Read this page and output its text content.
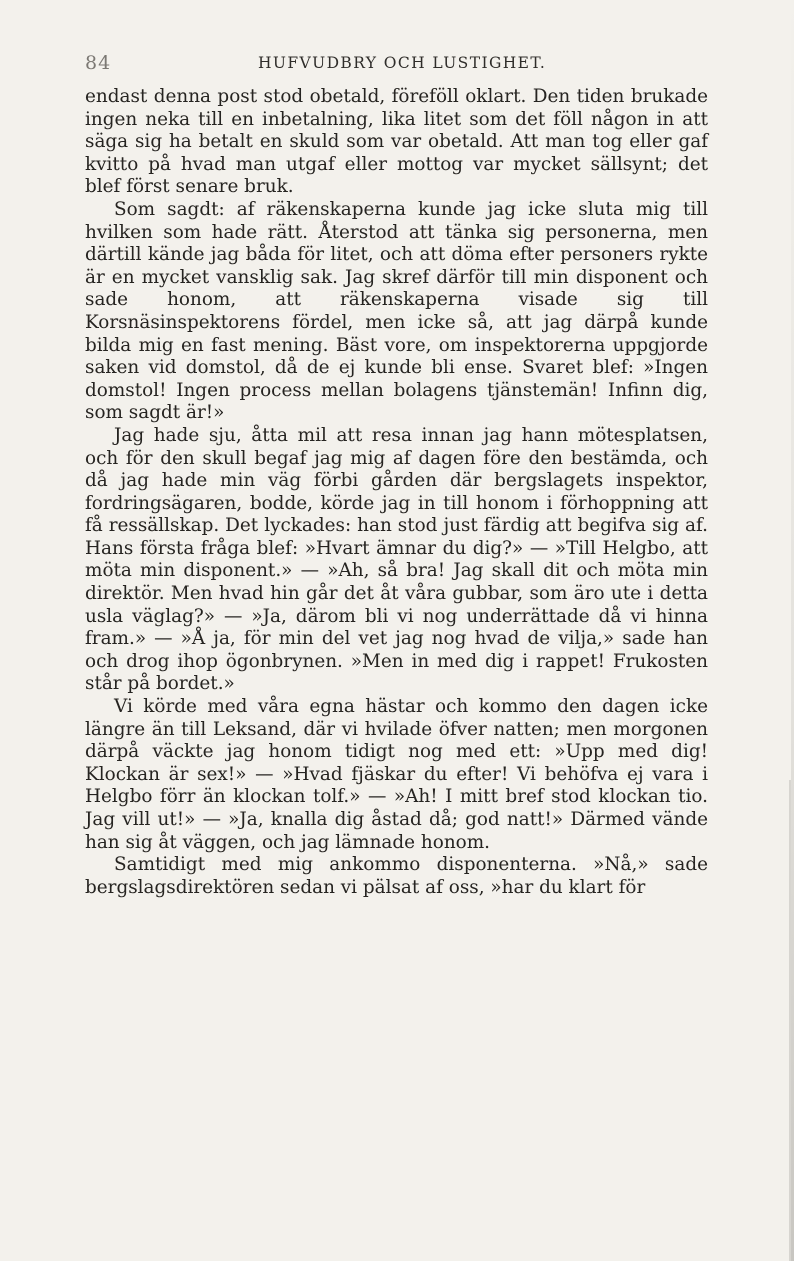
84	HUFVUDBRY OCH LUSTIGHET.

endast denna post stod obetald, föreföll oklart. Den tiden brukade ingen neka till en inbetalning, lika litet som det föll någon in att säga sig ha betalt en skuld som var obetald. Att man tog eller gaf kvitto på hvad man utgaf eller mottog var mycket sällsynt; det blef först senare bruk.

Som sagdt: af räkenskaperna kunde jag icke sluta mig till hvilken som hade rätt. Återstod att tänka sig personerna, men därtill kände jag båda för litet, och att döma efter personers rykte är en mycket vansklig sak. Jag skref därför till min disponent och sade honom, att räkenskaperna visade sig till Korsnäsinspektorens fördel, men icke så, att jag därpå kunde bilda mig en fast mening. Bäst vore, om inspektorerna uppgjorde saken vid domstol, då de ej kunde bli ense. Svaret blef: »Ingen domstol! Ingen process mellan bolagens tjänstemän! Infinn dig, som sagdt är!»

Jag hade sju, åtta mil att resa innan jag hann mötesplatsen, och för den skull begaf jag mig af dagen före den bestämda, och då jag hade min väg förbi gården där bergslagets inspektor, fordringsägaren, bodde, körde jag in till honom i förhoppning att få ressällskap. Det lyckades: han stod just färdig att begifva sig af. Hans första fråga blef: »Hvart ämnar du dig?» — »Till Helgbo, att möta min disponent.» — »Ah, så bra! Jag skall dit och möta min direktör. Men hvad hin går det åt våra gubbar, som äro ute i detta usla väglag?» — »Ja, därom bli vi nog underrättade då vi hinna fram.» — »Å ja, för min del vet jag nog hvad de vilja,» sade han och drog ihop ögonbrynen. »Men in med dig i rappet! Frukosten står på bordet.»

Vi körde med våra egna hästar och kommo den dagen icke längre än till Leksand, där vi hvilade öfver natten; men morgonen därpå väckte jag honom tidigt nog med ett: »Upp med dig! Klockan är sex!» — »Hvad fjäskar du efter! Vi behöfva ej vara i Helgbo förr än klockan tolf.» — »Ah! I mitt bref stod klockan tio. Jag vill ut!» — »Ja, knalla dig åstad då; god natt!» Därmed vände han sig åt väggen, och jag lämnade honom.

Samtidigt med mig ankommo disponenterna. »Nå,» sade bergslagsdirektören sedan vi pälsat af oss, »har du klart för
